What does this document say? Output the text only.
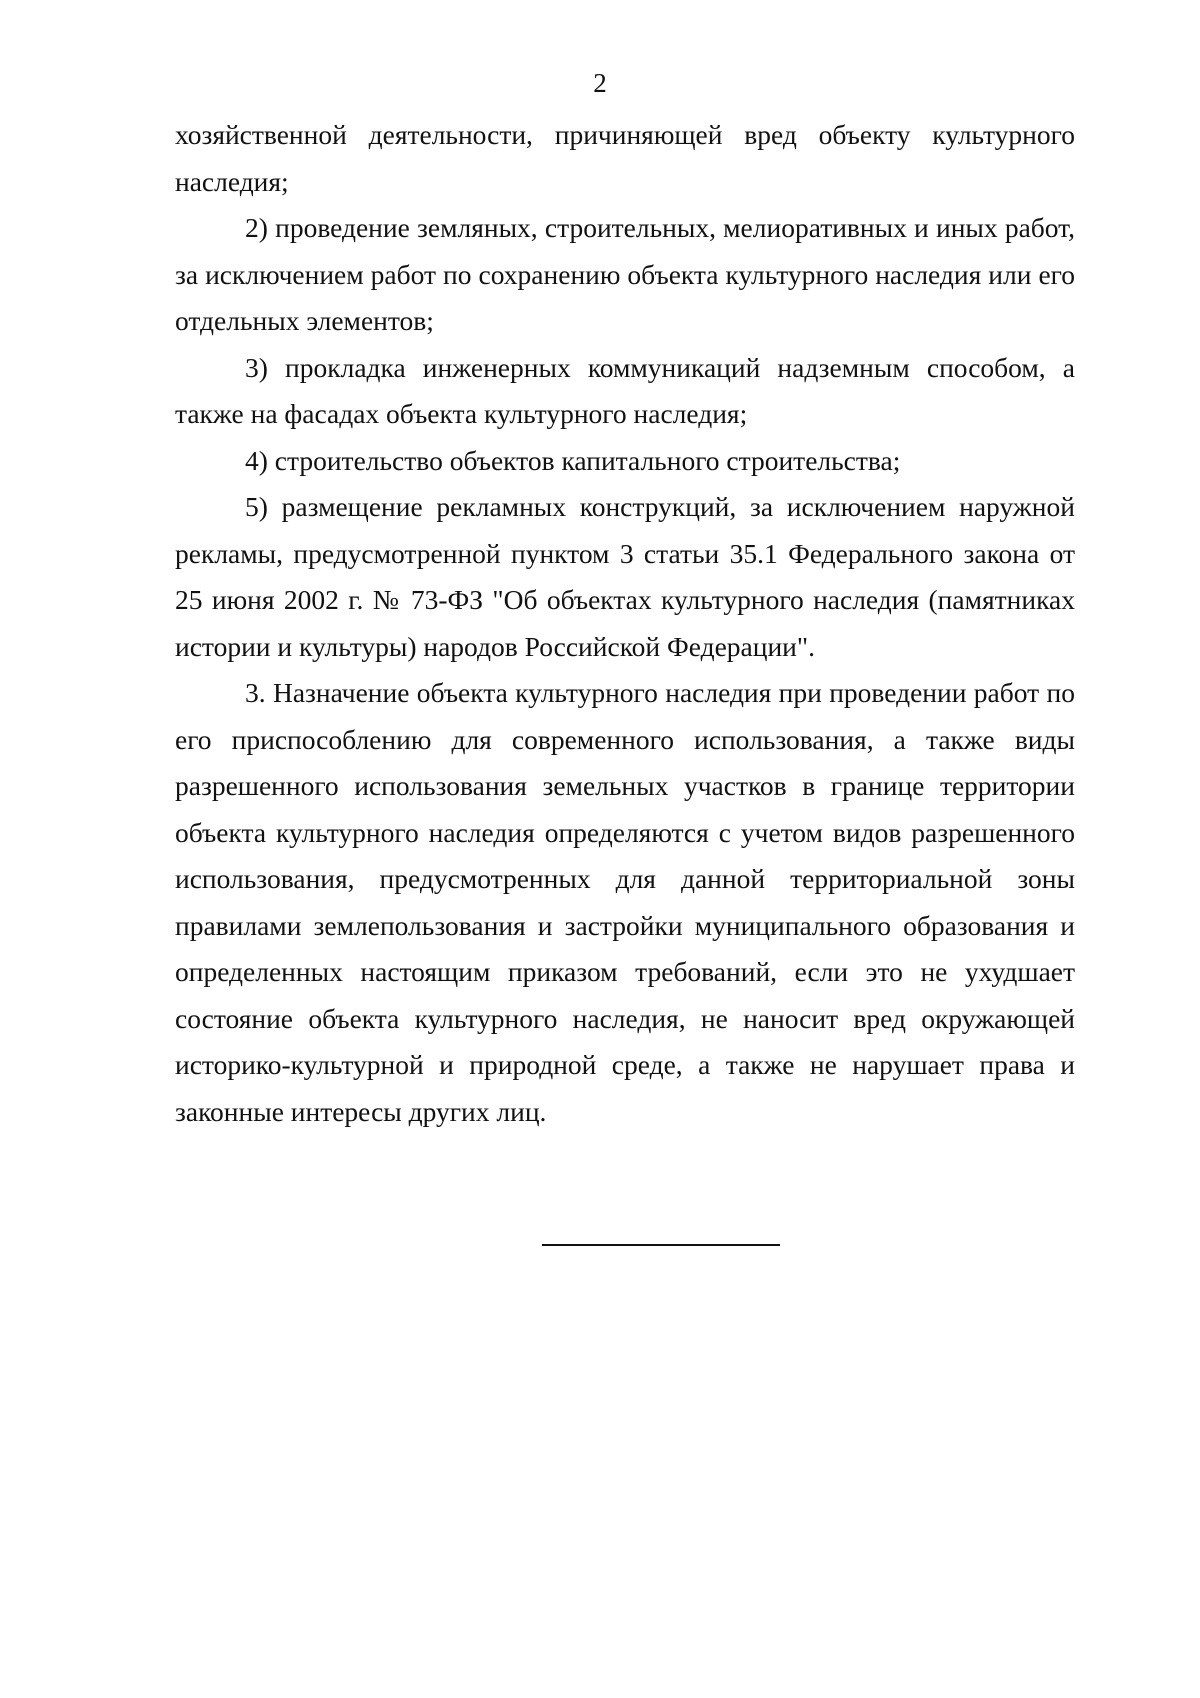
2

хозяйственной деятельности, причиняющей вред объекту культурного наследия;

2) проведение земляных, строительных, мелиоративных и иных работ, за исключением работ по сохранению объекта культурного наследия или его отдельных элементов;

3) прокладка инженерных коммуникаций надземным способом, а также на фасадах объекта культурного наследия;

4) строительство объектов капитального строительства;

5) размещение рекламных конструкций, за исключением наружной рекламы, предусмотренной пунктом 3 статьи 35.1 Федерального закона от 25 июня 2002 г. № 73-ФЗ "Об объектах культурного наследия (памятниках истории и культуры) народов Российской Федерации".

3. Назначение объекта культурного наследия при проведении работ по его приспособлению для современного использования, а также виды разрешенного использования земельных участков в границе территории объекта культурного наследия определяются с учетом видов разрешенного использования, предусмотренных для данной территориальной зоны правилами землепользования и застройки муниципального образования и определенных настоящим приказом требований, если это не ухудшает состояние объекта культурного наследия, не наносит вред окружающей историко-культурной и природной среде, а также не нарушает права и законные интересы других лиц.
